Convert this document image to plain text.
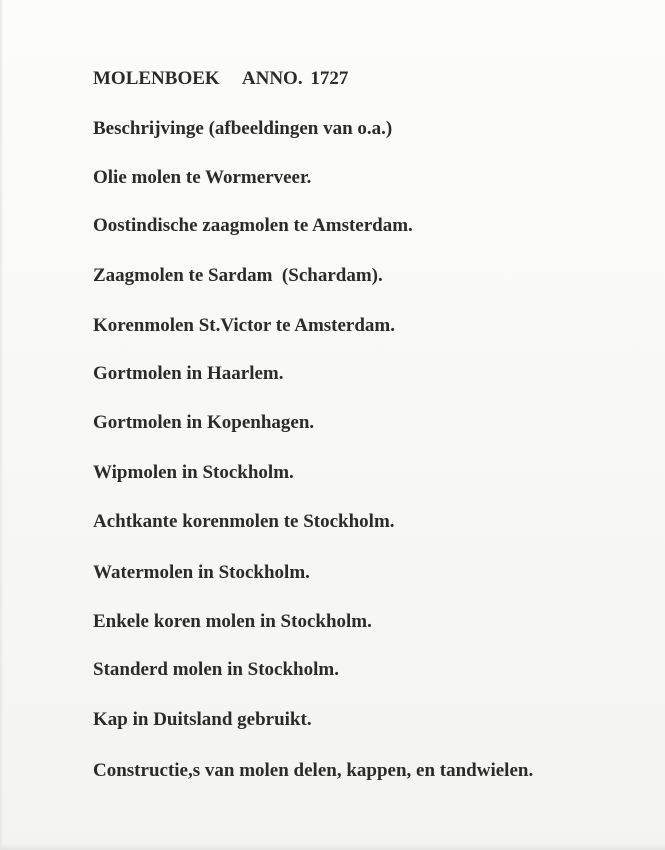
MOLENBOEK   ANNO. 1727

Beschrijvinge (afbeeldingen van o.a.)

Olie molen te Wormerveer.

Oostindische zaagmolen te Amsterdam.

Zaagmolen te Sardam  (Schardam).

Korenmolen St.Victor te Amsterdam.

Gortmolen in Haarlem.

Gortmolen in Kopenhagen.

Wipmolen in Stockholm.

Achtkante korenmolen te Stockholm.

Watermolen in Stockholm.

Enkele koren molen in Stockholm.

Standerd molen in Stockholm.

Kap in Duitsland gebruikt.

Constructie,s van molen delen, kappen, en tandwielen.
